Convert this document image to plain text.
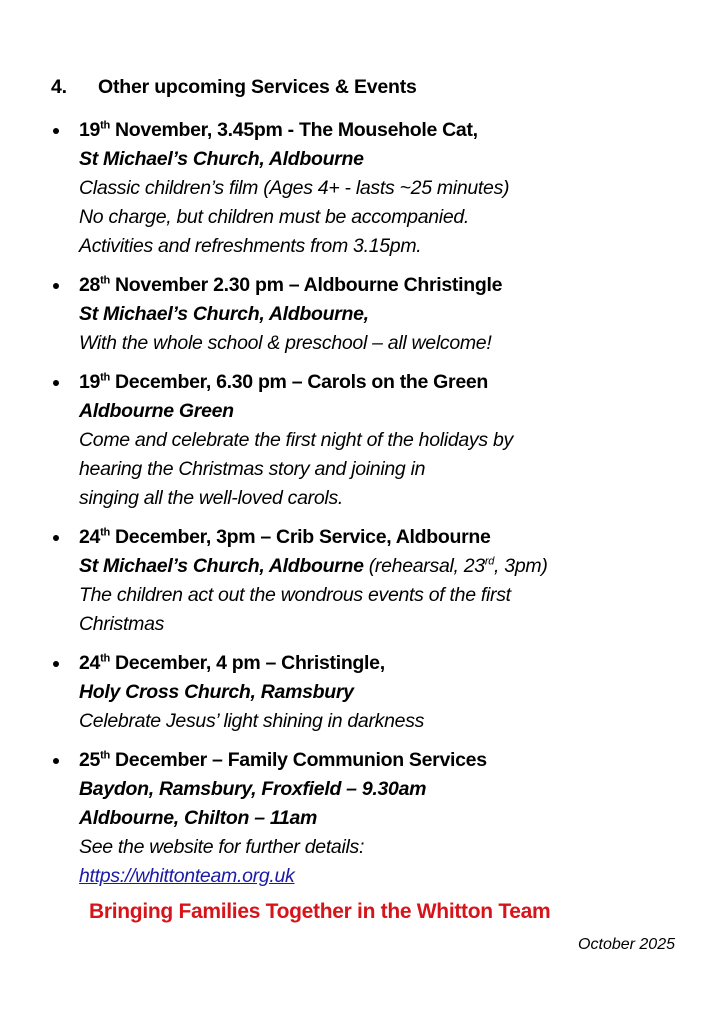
4. Other upcoming Services & Events
19th November, 3.45pm - The Mousehole Cat,
St Michael’s Church, Aldbourne
Classic children’s film (Ages 4+ - lasts ~25 minutes)
No charge, but children must be accompanied.
Activities and refreshments from 3.15pm.
28th November 2.30 pm – Aldbourne Christingle
St Michael’s Church, Aldbourne,
With the whole school & preschool – all welcome!
19th December, 6.30 pm – Carols on the Green
Aldbourne Green
Come and celebrate the first night of the holidays by
hearing the Christmas story and joining in
singing all the well-loved carols.
24th December, 3pm – Crib Service, Aldbourne
St Michael’s Church, Aldbourne (rehearsal, 23rd, 3pm)
The children act out the wondrous events of the first
Christmas
24th December, 4 pm – Christingle,
Holy Cross Church, Ramsbury
Celebrate Jesus’ light shining in darkness
25th December – Family Communion Services
Baydon, Ramsbury, Froxfield – 9.30am
Aldbourne, Chilton – 11am
See the website for further details:
https://whittonteam.org.uk
Bringing Families Together in the Whitton Team
October 2025
